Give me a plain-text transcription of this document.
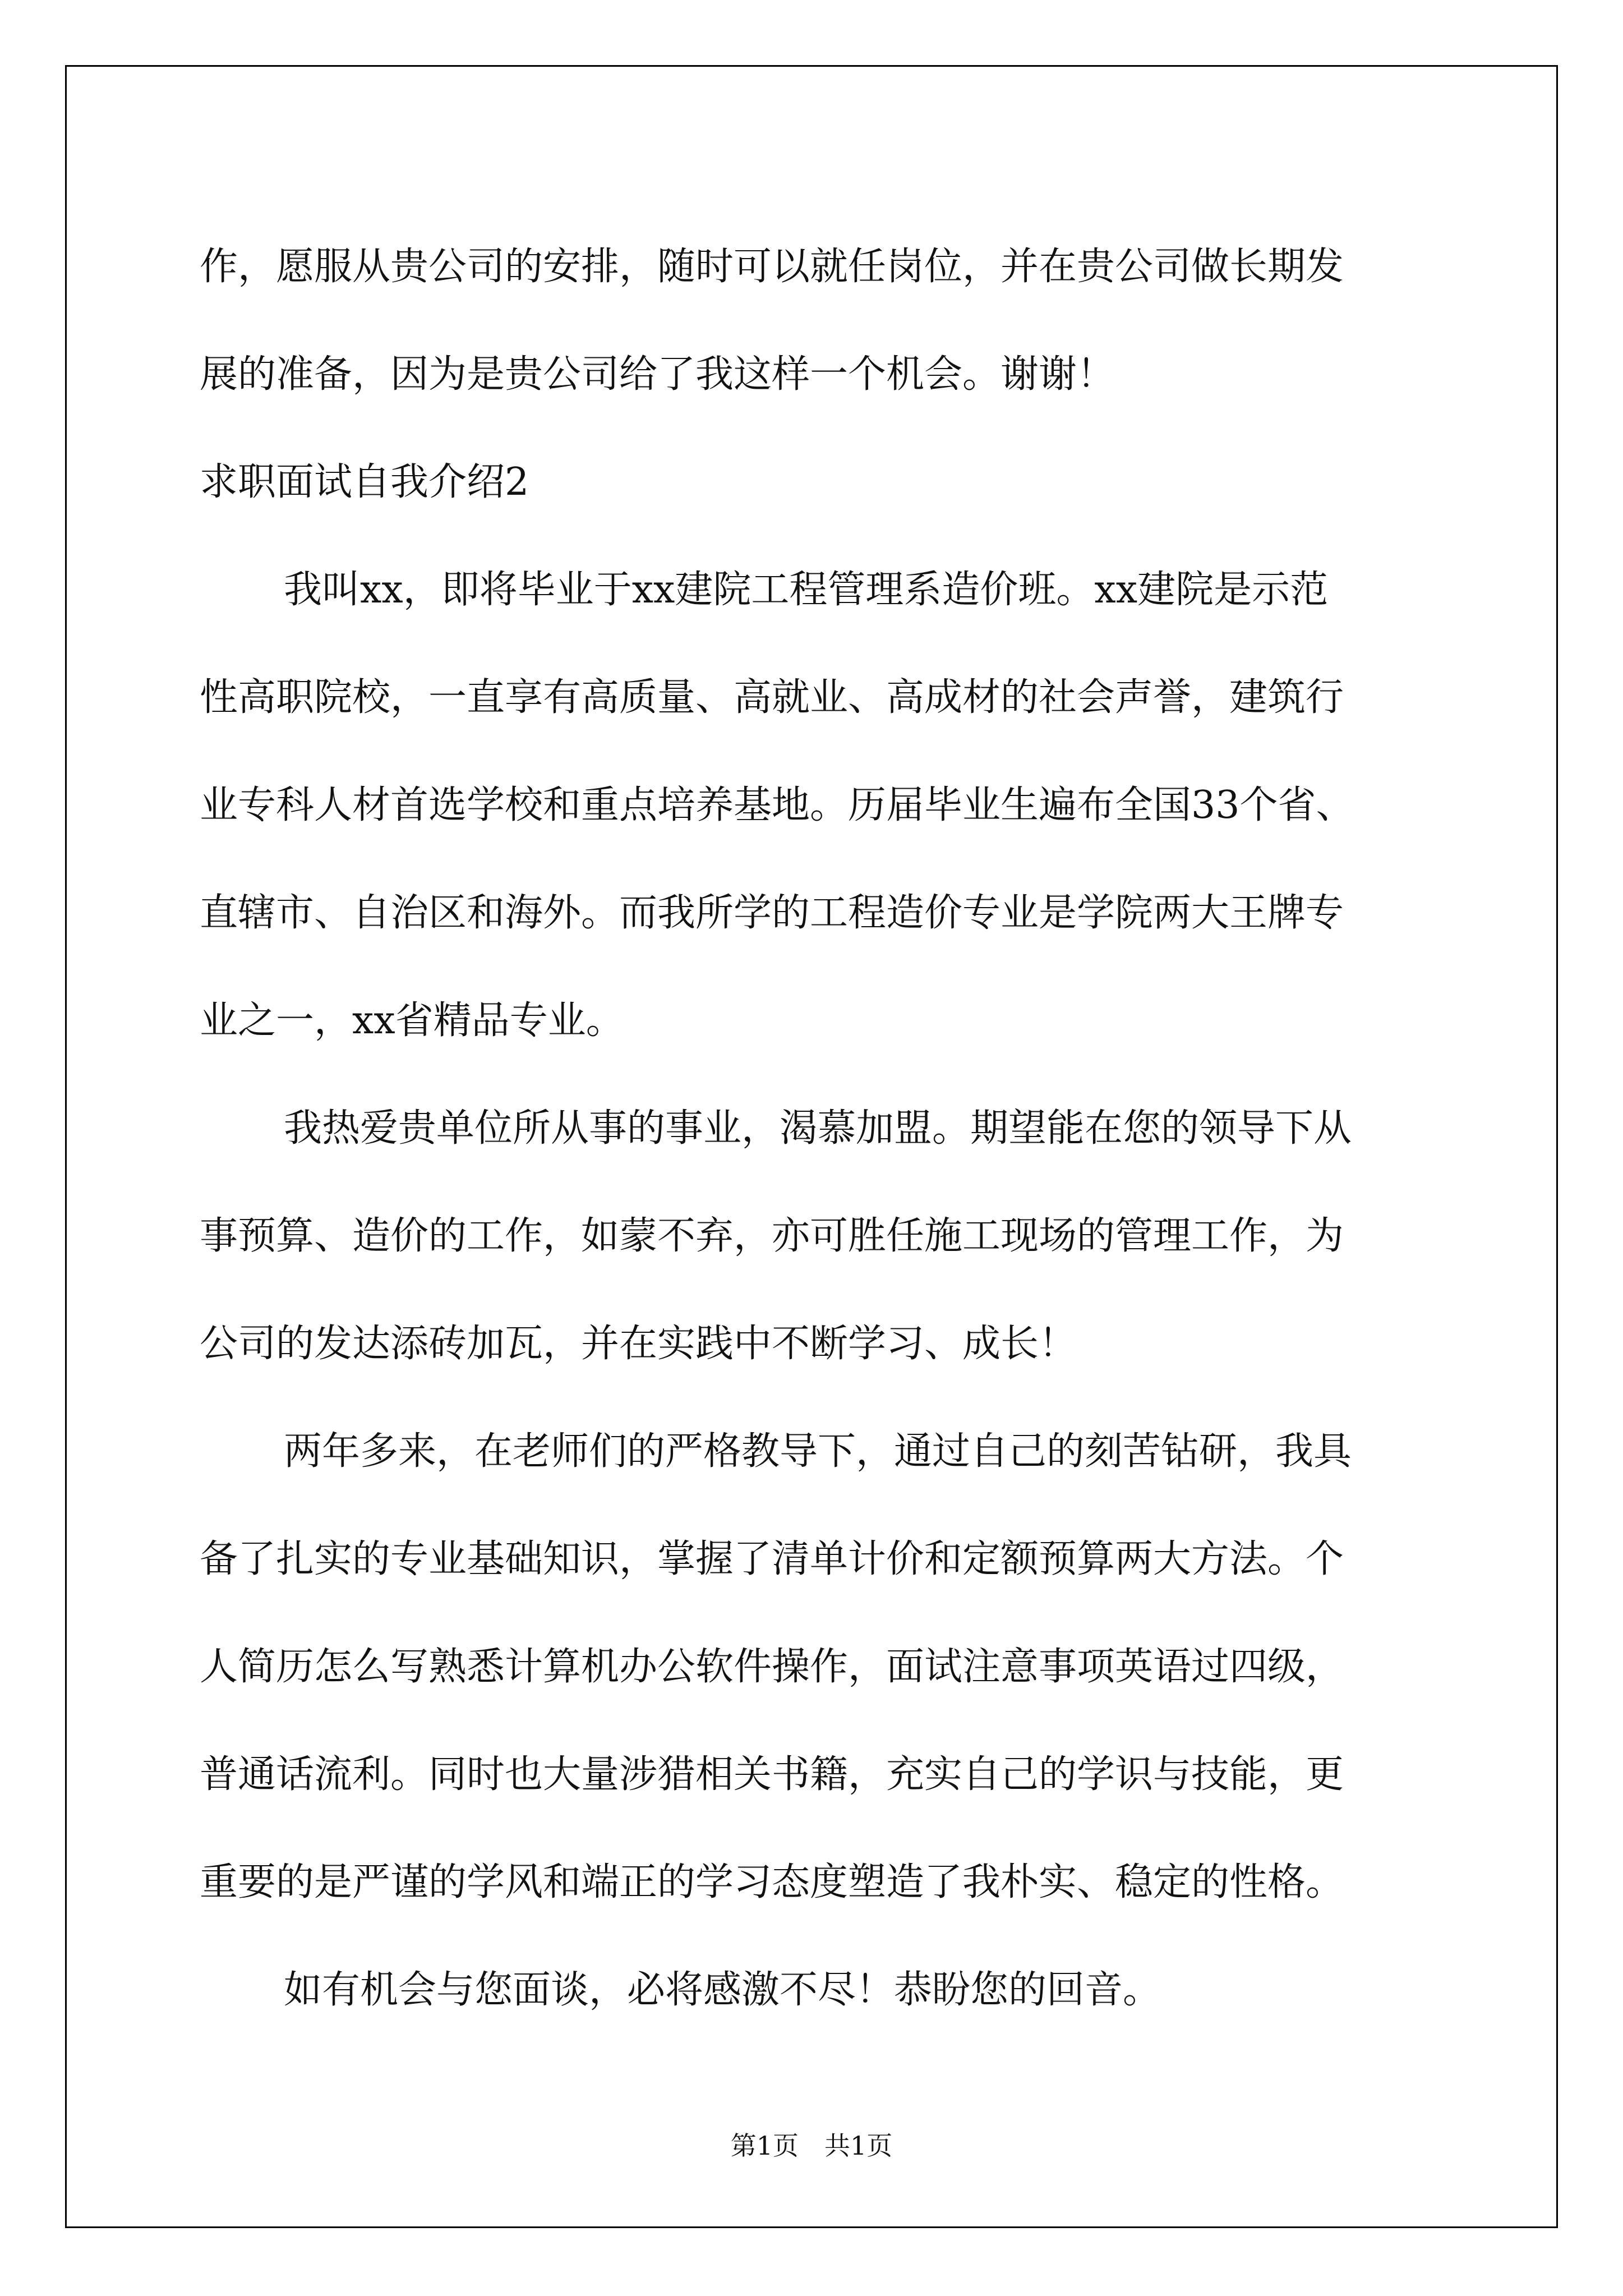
作，愿服从贵公司的安排，随时可以就任岗位，并在贵公司做长期发
展的准备，因为是贵公司给了我这样一个机会。谢谢！
求职面试自我介绍2
我叫xx，即将毕业于xx建院工程管理系造价班。xx建院是示范
性高职院校，一直享有高质量、高就业、高成材的社会声誉，建筑行
业专科人材首选学校和重点培养基地。历届毕业生遍布全国33个省、
直辖市、自治区和海外。而我所学的工程造价专业是学院两大王牌专
业之一，xx省精品专业。
我热爱贵单位所从事的事业，渴慕加盟。期望能在您的领导下从
事预算、造价的工作，如蒙不弃，亦可胜任施工现场的管理工作，为
公司的发达添砖加瓦，并在实践中不断学习、成长！
两年多来，在老师们的严格教导下，通过自己的刻苦钻研，我具
备了扎实的专业基础知识，掌握了清单计价和定额预算两大方法。个
人简历怎么写熟悉计算机办公软件操作，面试注意事项英语过四级，
普通话流利。同时也大量涉猎相关书籍，充实自己的学识与技能，更
重要的是严谨的学风和端正的学习态度塑造了我朴实、稳定的性格。
如有机会与您面谈，必将感激不尽！恭盼您的回音。
第1页　共1页
